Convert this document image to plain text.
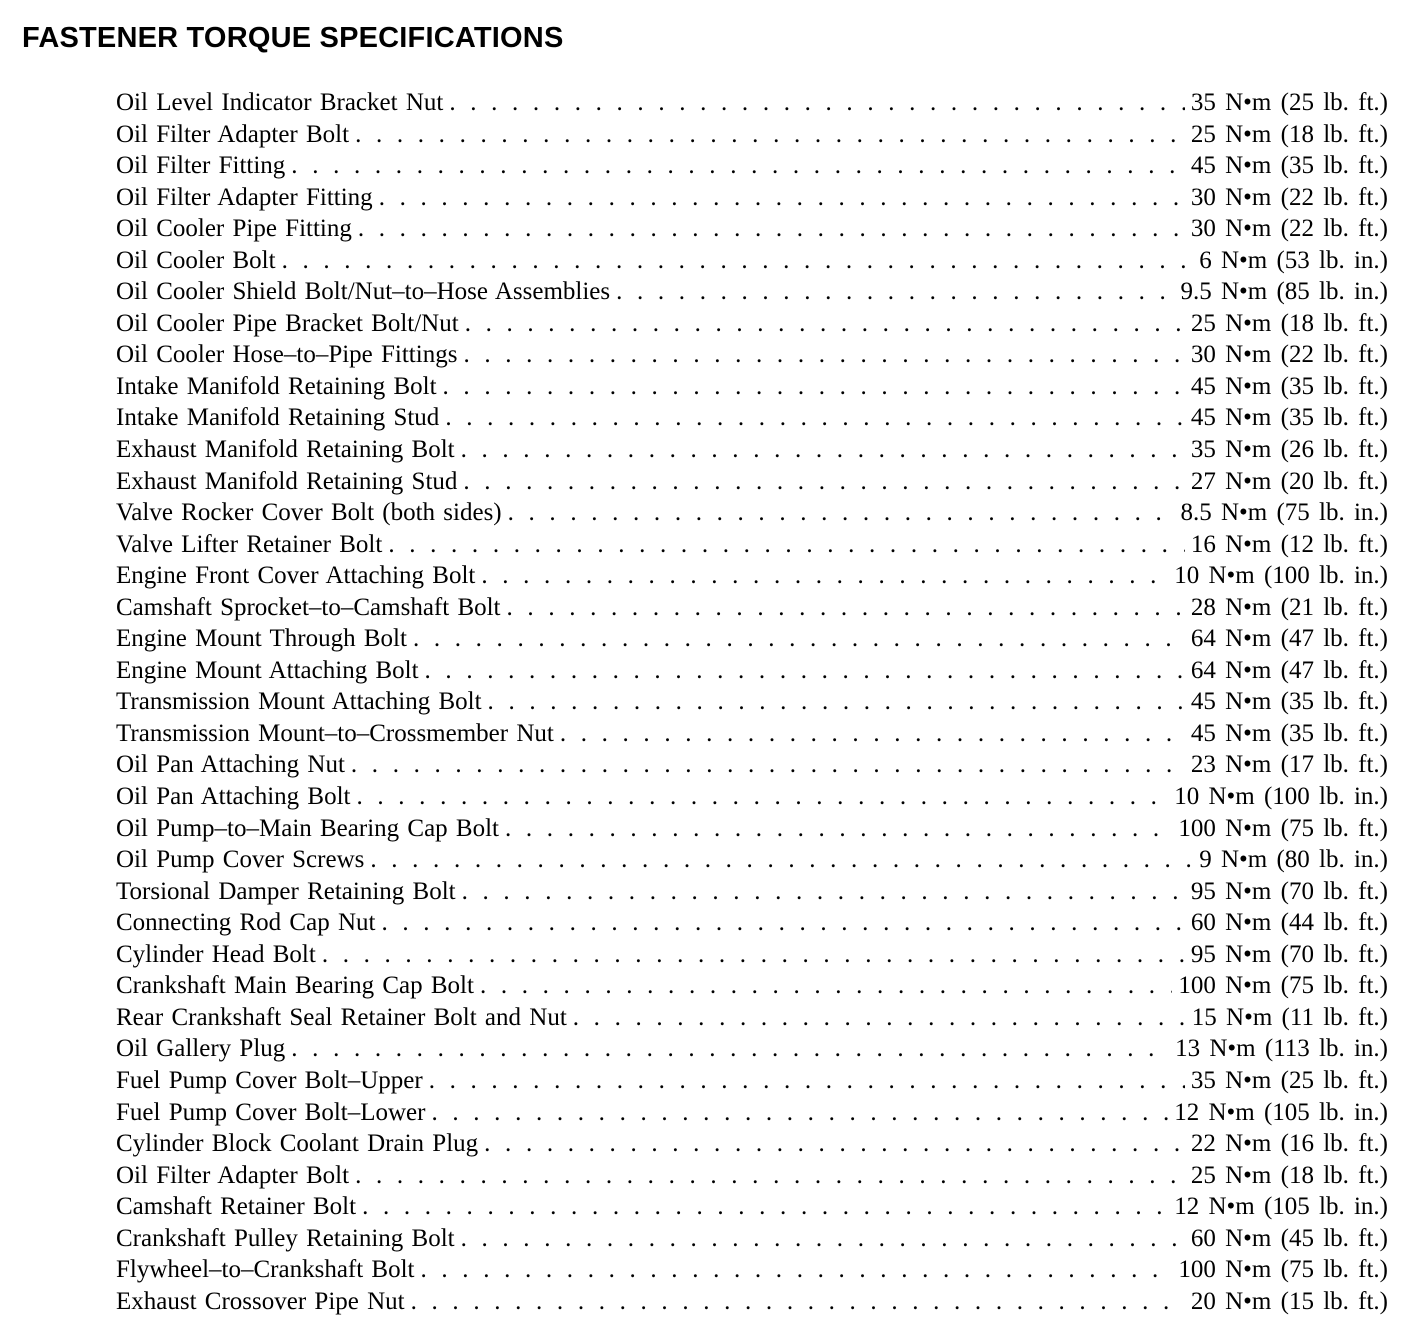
FASTENER TORQUE SPECIFICATIONS
Oil Level Indicator Bracket Nut . . .	35 N•m (25 lb. ft.)
Oil Filter Adapter Bolt . . .	25 N•m (18 lb. ft.)
Oil Filter Fitting . . .	45 N•m (35 lb. ft.)
Oil Filter Adapter Fitting . . .	30 N•m (22 lb. ft.)
Oil Cooler Pipe Fitting . . .	30 N•m (22 lb. ft.)
Oil Cooler Bolt . . .	6 N•m (53 lb. in.)
Oil Cooler Shield Bolt/Nut–to–Hose Assemblies . . .	9.5 N•m (85 lb. in.)
Oil Cooler Pipe Bracket Bolt/Nut . . .	25 N•m (18 lb. ft.)
Oil Cooler Hose–to–Pipe Fittings . . .	30 N•m (22 lb. ft.)
Intake Manifold Retaining Bolt . . .	45 N•m (35 lb. ft.)
Intake Manifold Retaining Stud . . .	45 N•m (35 lb. ft.)
Exhaust Manifold Retaining Bolt . . .	35 N•m (26 lb. ft.)
Exhaust Manifold Retaining Stud . . .	27 N•m (20 lb. ft.)
Valve Rocker Cover Bolt (both sides) . . .	8.5 N•m (75 lb. in.)
Valve Lifter Retainer Bolt . . .	16 N•m (12 lb. ft.)
Engine Front Cover Attaching Bolt . . .	10 N•m (100 lb. in.)
Camshaft Sprocket–to–Camshaft Bolt . . .	28 N•m (21 lb. ft.)
Engine Mount Through Bolt . . .	64 N•m (47 lb. ft.)
Engine Mount Attaching Bolt . . .	64 N•m (47 lb. ft.)
Transmission Mount Attaching Bolt . . .	45 N•m (35 lb. ft.)
Transmission Mount–to–Crossmember Nut . . .	45 N•m (35 lb. ft.)
Oil Pan Attaching Nut . . .	23 N•m (17 lb. ft.)
Oil Pan Attaching Bolt . . .	10 N•m (100 lb. in.)
Oil Pump–to–Main Bearing Cap Bolt . . .	100 N•m (75 lb. ft.)
Oil Pump Cover Screws . . .	9 N•m (80 lb. in.)
Torsional Damper Retaining Bolt . . .	95 N•m (70 lb. ft.)
Connecting Rod Cap Nut . . .	60 N•m (44 lb. ft.)
Cylinder Head Bolt . . .	95 N•m (70 lb. ft.)
Crankshaft Main Bearing Cap Bolt . . .	100 N•m (75 lb. ft.)
Rear Crankshaft Seal Retainer Bolt and Nut . . .	15 N•m (11 lb. ft.)
Oil Gallery Plug . . .	13 N•m (113 lb. in.)
Fuel Pump Cover Bolt–Upper . . .	35 N•m (25 lb. ft.)
Fuel Pump Cover Bolt–Lower . . .	12 N•m (105 lb. in.)
Cylinder Block Coolant Drain Plug . . .	22 N•m (16 lb. ft.)
Oil Filter Adapter Bolt . . .	25 N•m (18 lb. ft.)
Camshaft Retainer Bolt . . .	12 N•m (105 lb. in.)
Crankshaft Pulley Retaining Bolt . . .	60 N•m (45 lb. ft.)
Flywheel–to–Crankshaft Bolt . . .	100 N•m (75 lb. ft.)
Exhaust Crossover Pipe Nut . . .	20 N•m (15 lb. ft.)
